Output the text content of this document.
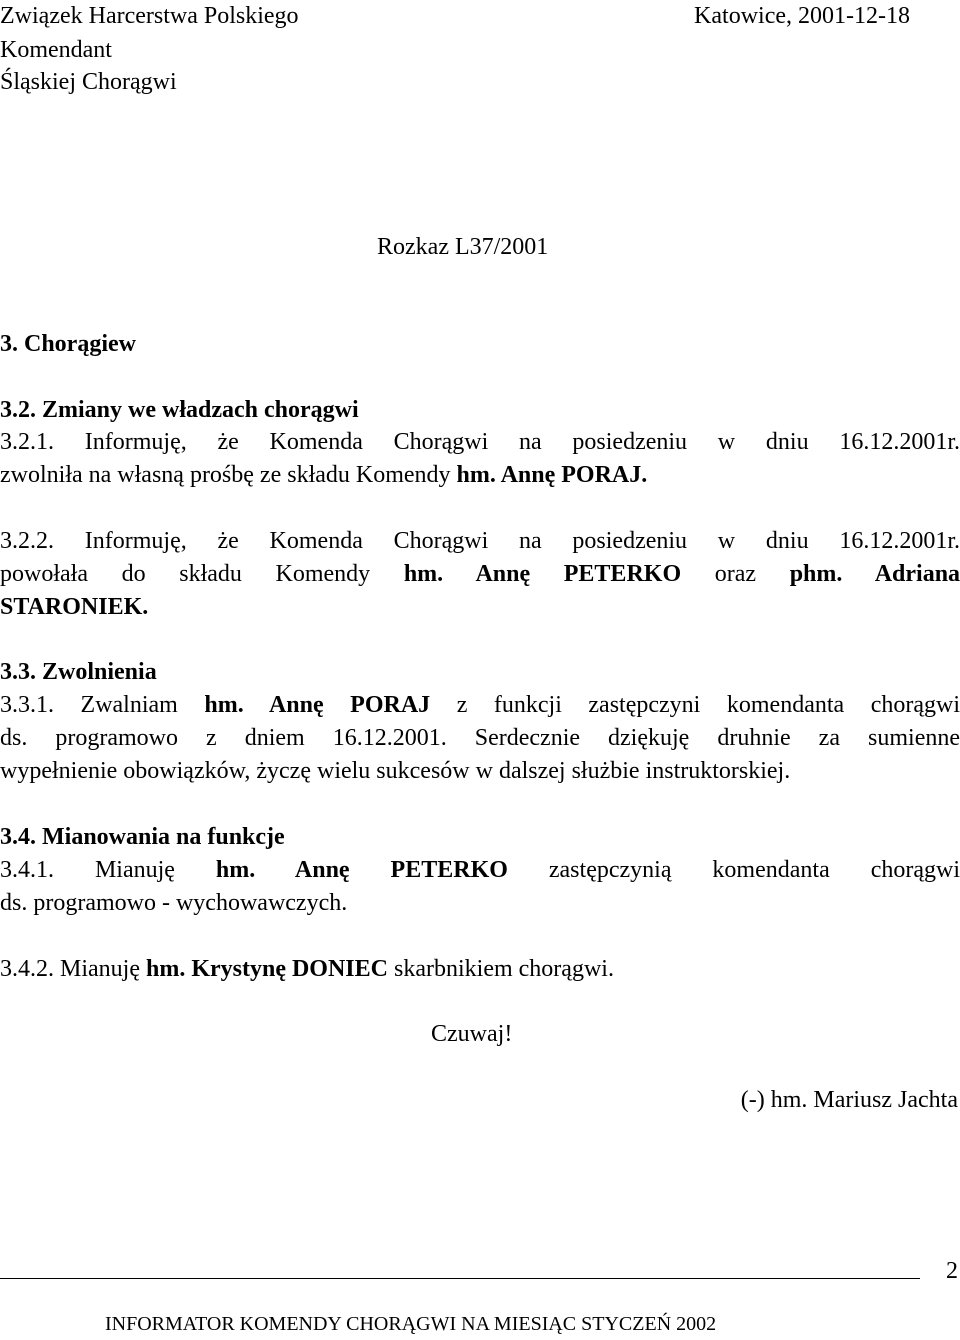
Związek Harcerstwa Polskiego	Katowice, 2001-12-18
Komendant
Śląskiej Chorągwi
Rozkaz L37/2001
3. Chorągiew
3.2. Zmiany we władzach chorągwi
3.2.1. Informuję, że Komenda Chorągwi na posiedzeniu w dniu 16.12.2001r.
zwolniła na własną prośbę ze składu Komendy hm. Annę PORAJ.
3.2.2. Informuję, że Komenda Chorągwi na posiedzeniu w dniu 16.12.2001r.
powołała do składu Komendy hm. Annę PETERKO oraz phm. Adriana
STARONIEK.
3.3. Zwolnienia
3.3.1. Zwalniam hm. Annę PORAJ z funkcji zastępczyni komendanta chorągwi
ds. programowo z dniem 16.12.2001. Serdecznie dziękuję druhnie za sumienne
wypełnienie obowiązków, życzę wielu sukcesów w dalszej służbie instruktorskiej.
3.4. Mianowania na funkcje
3.4.1. Mianuję hm. Annę PETERKO zastępczynią komendanta chorągwi
ds. programowo - wychowawczych.
3.4.2. Mianuję hm. Krystynę DONIEC skarbnikiem chorągwi.
Czuwaj!
(-) hm. Mariusz Jachta
2
INFORMATOR KOMENDY CHORĄGWI NA MIESIĄC STYCZEŃ 2002
